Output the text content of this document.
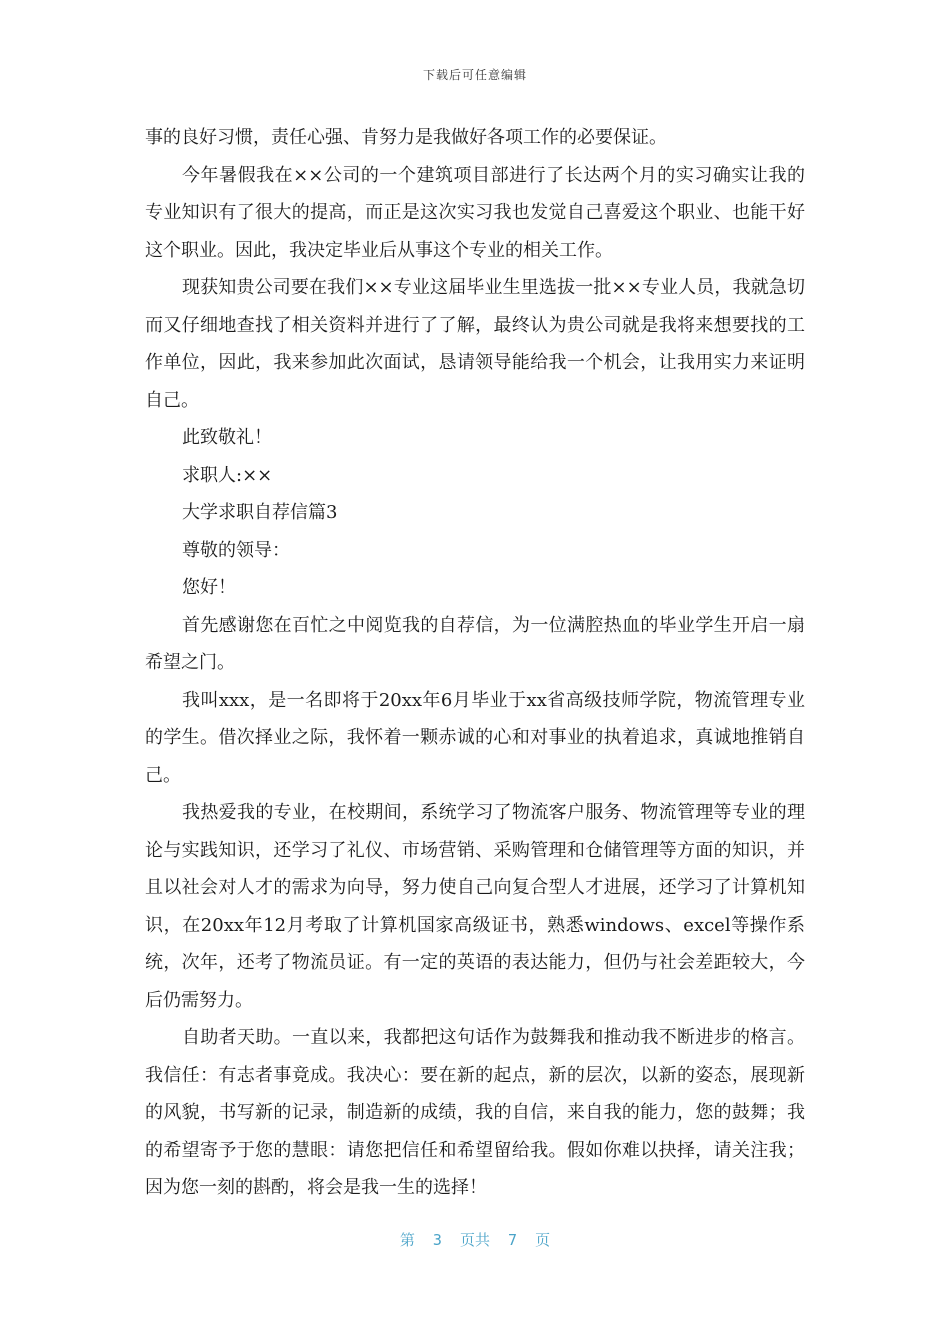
下载后可任意编辑

事的良好习惯，责任心强、肯努力是我做好各项工作的必要保证。

今年暑假我在××公司的一个建筑项目部进行了长达两个月的实习确实让我的专业知识有了很大的提高，而正是这次实习我也发觉自己喜爱这个职业、也能干好这个职业。因此，我决定毕业后从事这个专业的相关工作。

现获知贵公司要在我们××专业这届毕业生里选拔一批××专业人员，我就急切而又仔细地查找了相关资料并进行了了解，最终认为贵公司就是我将来想要找的工作单位，因此，我来参加此次面试，恳请领导能给我一个机会，让我用实力来证明自己。

此致敬礼！

求职人:××

大学求职自荐信篇3

尊敬的领导：

您好！

首先感谢您在百忙之中阅览我的自荐信，为一位满腔热血的毕业学生开启一扇希望之门。

我叫xxx，是一名即将于20xx年6月毕业于xx省高级技师学院，物流管理专业的学生。借次择业之际，我怀着一颗赤诚的心和对事业的执着追求，真诚地推销自己。

我热爱我的专业，在校期间，系统学习了物流客户服务、物流管理等专业的理论与实践知识，还学习了礼仪、市场营销、采购管理和仓储管理等方面的知识，并且以社会对人才的需求为向导，努力使自己向复合型人才进展，还学习了计算机知识，在20xx年12月考取了计算机国家高级证书，熟悉windows、excel等操作系统，次年，还考了物流员证。有一定的英语的表达能力，但仍与社会差距较大，今后仍需努力。

自助者天助。一直以来，我都把这句话作为鼓舞我和推动我不断进步的格言。我信任：有志者事竟成。我决心：要在新的起点，新的层次，以新的姿态，展现新的风貌，书写新的记录，制造新的成绩，我的自信，来自我的能力，您的鼓舞；我的希望寄予于您的慧眼：请您把信任和希望留给我。假如你难以抉择，请关注我；因为您一刻的斟酌，将会是我一生的选择！

第  3  页共  7  页
